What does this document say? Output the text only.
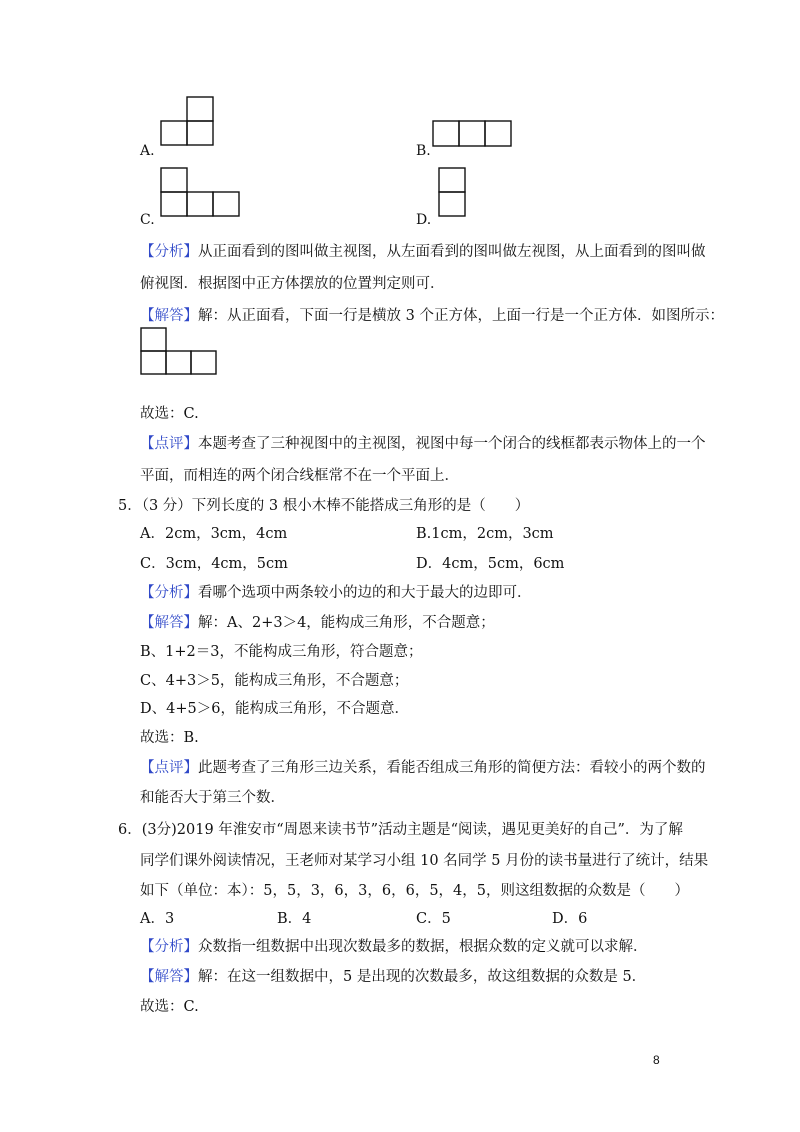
A.	B.
C.	D.
【分析】从正面看到的图叫做主视图，从左面看到的图叫做左视图，从上面看到的图叫做
俯视图．根据图中正方体摆放的位置判定则可．
【解答】解：从正面看，下面一行是横放 3 个正方体，上面一行是一个正方体．如图所示：
故选：C.
【点评】本题考查了三种视图中的主视图，视图中每一个闭合的线框都表示物体上的一个
平面，而相连的两个闭合线框常不在一个平面上．
5．（3 分）下列长度的 3 根小木棒不能搭成三角形的是（　　）
A．2cm，3cm，4cm	B.1cm，2cm，3cm
C．3cm，4cm，5cm	D．4cm，5cm，6cm
【分析】看哪个选项中两条较小的边的和大于最大的边即可．
【解答】解：A、2+3＞4，能构成三角形，不合题意；
B、1+2＝3，不能构成三角形，符合题意；
C、4+3＞5，能构成三角形，不合题意；
D、4+5＞6，能构成三角形，不合题意．
故选：B.
【点评】此题考查了三角形三边关系，看能否组成三角形的简便方法：看较小的两个数的
和能否大于第三个数．
6．(3分)2019 年淮安市“周恩来读书节”活动主题是“阅读，遇见更美好的自己”．为了解
同学们课外阅读情况，王老师对某学习小组 10 名同学 5 月份的读书量进行了统计，结果
如下（单位：本）：5，5，3，6，3，6，6，5，4，5，则这组数据的众数是（　　）
A．3	B．4	C．5	D．6
【分析】众数指一组数据中出现次数最多的数据，根据众数的定义就可以求解．
【解答】解：在这一组数据中，5 是出现的次数最多，故这组数据的众数是 5．
故选：C.
8
